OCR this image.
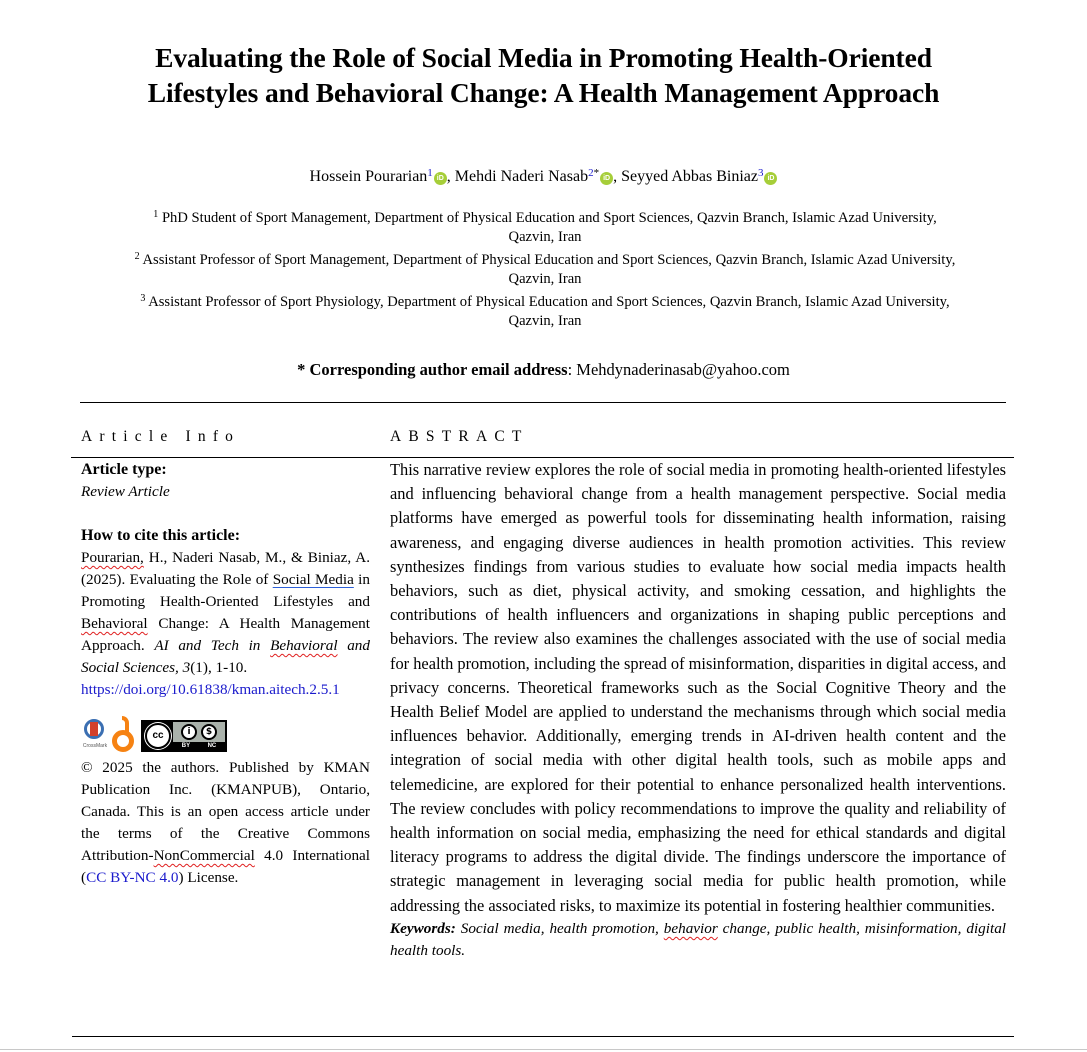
Evaluating the Role of Social Media in Promoting Health-Oriented
Lifestyles and Behavioral Change: A Health Management Approach
Hossein Pourarian$^1$ iD , Mehdi Naderi Nasab$^{2*}$ iD , Seyyed Abbas Biniaz$^3$ iD
$^1$ PhD Student of Sport Management, Department of Physical Education and Sport Sciences, Qazvin Branch, Islamic Azad University,
Qazvin, Iran
$^2$ Assistant Professor of Sport Management, Department of Physical Education and Sport Sciences, Qazvin Branch, Islamic Azad University,
Qazvin, Iran
$^3$ Assistant Professor of Sport Physiology, Department of Physical Education and Sport Sciences, Qazvin Branch, Islamic Azad University,
Qazvin, Iran
* Corresponding author email address: Mehdynaderinasab@yahoo.com
Article Info	ABSTRACT
Article type:
Review Article
How to cite this article:
Pourarian, H., Naderi Nasab, M., & Biniaz, A. (2025). Evaluating the Role of Social Media in Promoting Health-Oriented Lifestyles and Behavioral Change: A Health Management Approach. AI and Tech in Behavioral and Social Sciences, 3(1), 1-10.
https://doi.org/10.61838/kman.aitech.2.5.1
CrossMark
cc	i	$
BY	NC
© 2025 the authors. Published by KMAN Publication Inc. (KMANPUB), Ontario, Canada. This is an open access article under the terms of the Creative Commons Attribution-NonCommercial 4.0 International (CC BY-NC 4.0) License.
This narrative review explores the role of social media in promoting health-oriented lifestyles and influencing behavioral change from a health management perspective. Social media platforms have emerged as powerful tools for disseminating health information, raising awareness, and engaging diverse audiences in health promotion activities. This review synthesizes findings from various studies to evaluate how social media impacts health behaviors, such as diet, physical activity, and smoking cessation, and highlights the contributions of health influencers and organizations in shaping public perceptions and behaviors. The review also examines the challenges associated with the use of social media for health promotion, including the spread of misinformation, disparities in digital access, and privacy concerns. Theoretical frameworks such as the Social Cognitive Theory and the Health Belief Model are applied to understand the mechanisms through which social media influences behavior. Additionally, emerging trends in AI-driven health content and the integration of social media with other digital health tools, such as mobile apps and telemedicine, are explored for their potential to enhance personalized health interventions. The review concludes with policy recommendations to improve the quality and reliability of health information on social media, emphasizing the need for ethical standards and digital literacy programs to address the digital divide. The findings underscore the importance of strategic management in leveraging social media for public health promotion, while addressing the associated risks, to maximize its potential in fostering healthier communities.
Keywords: Social media, health promotion, behavior change, public health, misinformation, digital health tools.
